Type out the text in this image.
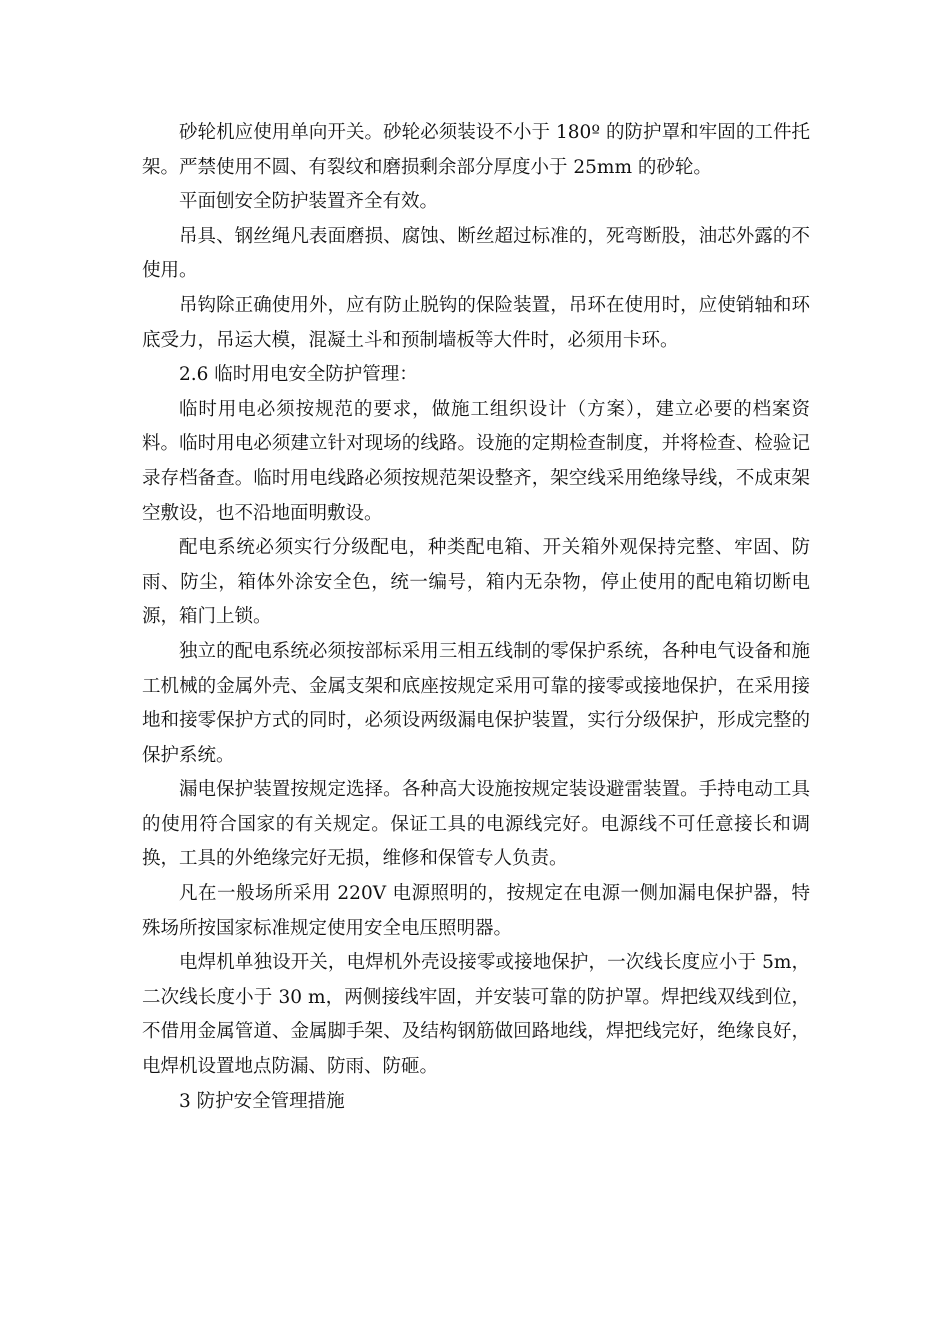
砂轮机应使用单向开关。砂轮必须装设不小于 180º 的防护罩和牢固的工件托架。严禁使用不圆、有裂纹和磨损剩余部分厚度小于 25mm 的砂轮。

平面刨安全防护装置齐全有效。

吊具、钢丝绳凡表面磨损、腐蚀、断丝超过标准的，死弯断股，油芯外露的不使用。

吊钩除正确使用外，应有防止脱钩的保险装置，吊环在使用时，应使销轴和环底受力，吊运大模，混凝土斗和预制墙板等大件时，必须用卡环。

2.6 临时用电安全防护管理：

临时用电必须按规范的要求，做施工组织设计（方案），建立必要的档案资料。临时用电必须建立针对现场的线路。设施的定期检查制度，并将检查、检验记录存档备查。临时用电线路必须按规范架设整齐，架空线采用绝缘导线，不成束架空敷设，也不沿地面明敷设。

配电系统必须实行分级配电，种类配电箱、开关箱外观保持完整、牢固、防雨、防尘，箱体外涂安全色，统一编号，箱内无杂物，停止使用的配电箱切断电源，箱门上锁。

独立的配电系统必须按部标采用三相五线制的零保护系统，各种电气设备和施工机械的金属外壳、金属支架和底座按规定采用可靠的接零或接地保护，在采用接地和接零保护方式的同时，必须设两级漏电保护装置，实行分级保护，形成完整的保护系统。

漏电保护装置按规定选择。各种高大设施按规定装设避雷装置。手持电动工具的使用符合国家的有关规定。保证工具的电源线完好。电源线不可任意接长和调换，工具的外绝缘完好无损，维修和保管专人负责。

凡在一般场所采用 220V 电源照明的，按规定在电源一侧加漏电保护器，特殊场所按国家标准规定使用安全电压照明器。

电焊机单独设开关，电焊机外壳设接零或接地保护，一次线长度应小于 5m，二次线长度小于 30 m，两侧接线牢固，并安装可靠的防护罩。焊把线双线到位，不借用金属管道、金属脚手架、及结构钢筋做回路地线，焊把线完好，绝缘良好，电焊机设置地点防漏、防雨、防砸。

3 防护安全管理措施
